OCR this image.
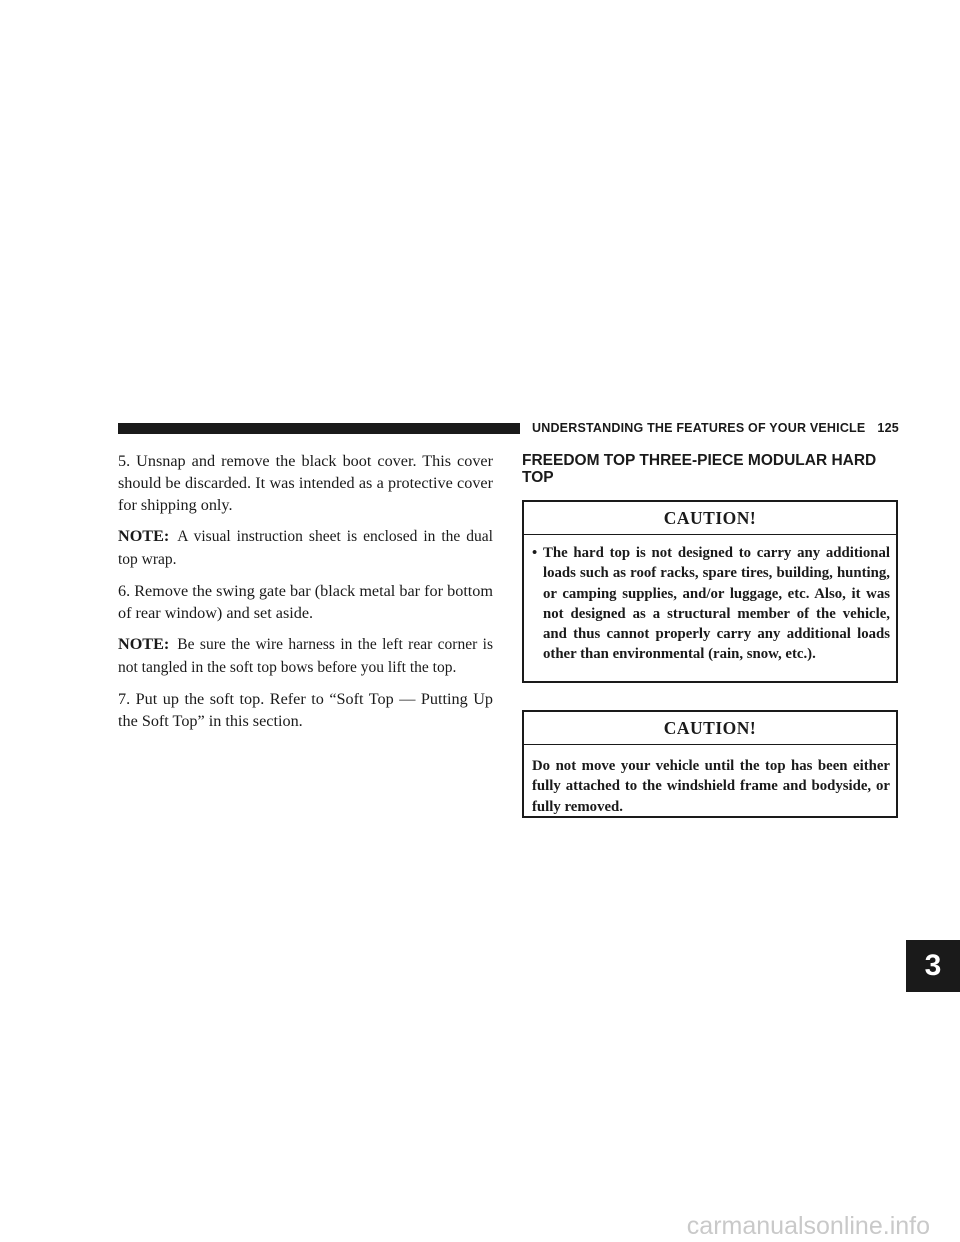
UNDERSTANDING THE FEATURES OF YOUR VEHICLE 125

5. Unsnap and remove the black boot cover. This cover should be discarded. It was intended as a protective cover for shipping only.

NOTE: A visual instruction sheet is enclosed in the dual top wrap.

6. Remove the swing gate bar (black metal bar for bottom of rear window) and set aside.

NOTE: Be sure the wire harness in the left rear corner is not tangled in the soft top bows before you lift the top.

7. Put up the soft top. Refer to “Soft Top — Putting Up the Soft Top” in this section.

FREEDOM TOP THREE-PIECE MODULAR HARD TOP
CAUTION!
• The hard top is not designed to carry any additional loads such as roof racks, spare tires, building, hunting, or camping supplies, and/or luggage, etc. Also, it was not designed as a structural member of the vehicle, and thus cannot properly carry any additional loads other than environmental (rain, snow, etc.).
CAUTION!
Do not move your vehicle until the top has been either fully attached to the windshield frame and bodyside, or fully removed.
3
carmanualsonline.info
